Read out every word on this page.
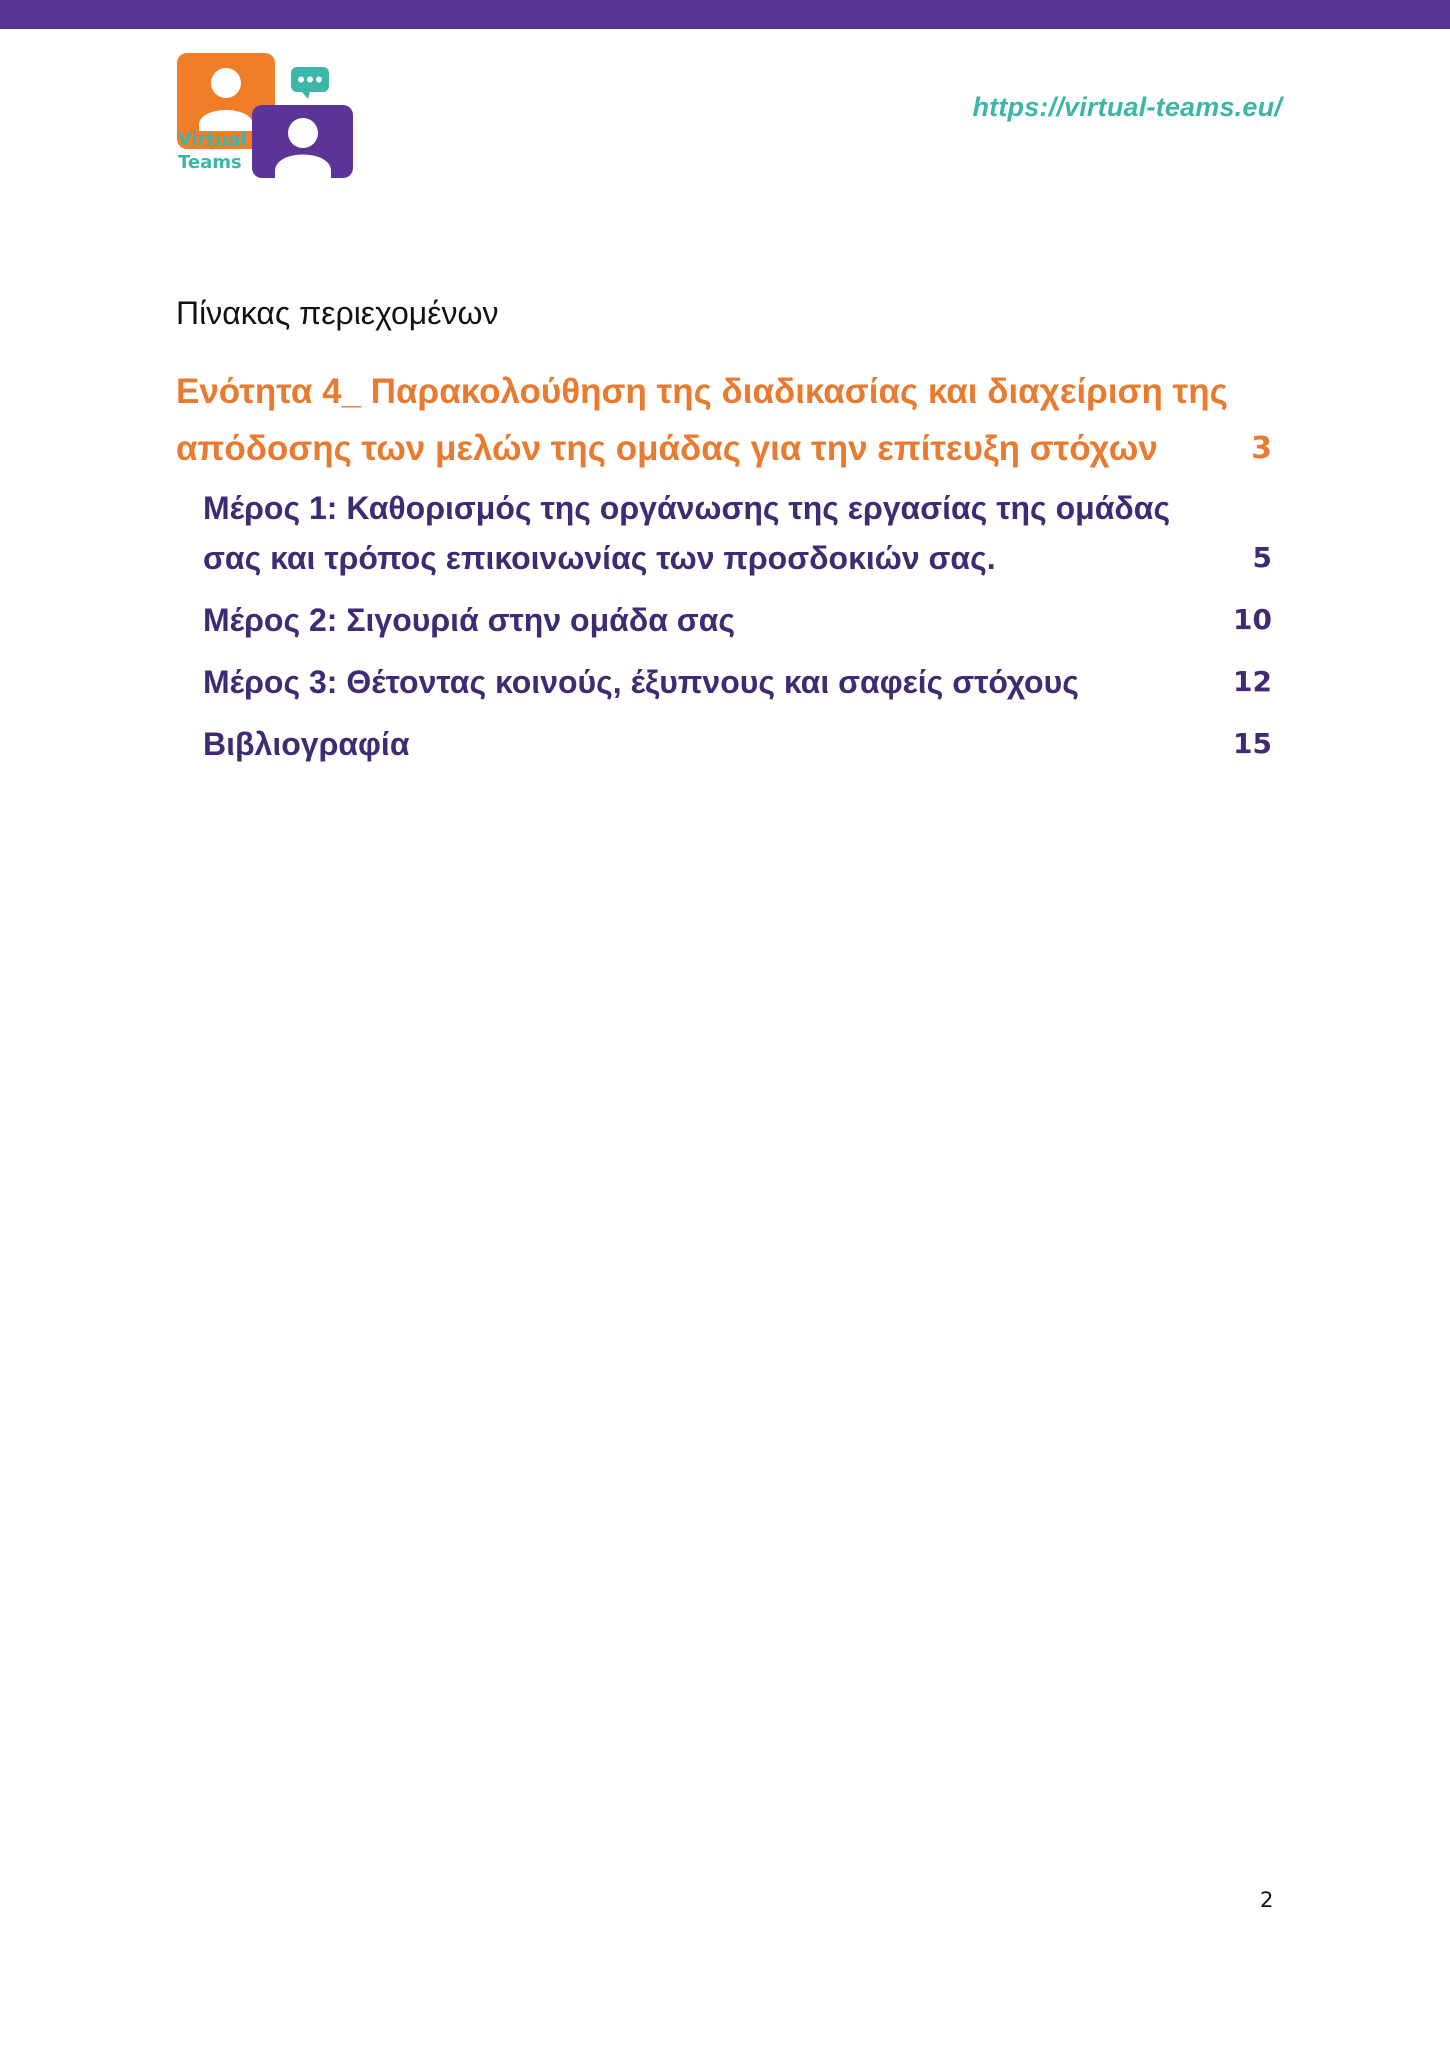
Virtual
Teams
https://virtual-teams.eu/
Πίνακας περιεχομένων
Ενότητα 4_ Παρακολούθηση της διαδικασίας και διαχείριση της απόδοσης των μελών της ομάδας για την επίτευξη στόχων	3
Μέρος 1: Καθορισμός της οργάνωσης της εργασίας της ομάδας σας και τρόπος επικοινωνίας των προσδοκιών σας.	5
Μέρος 2: Σιγουριά στην ομάδα σας	10
Μέρος 3: Θέτοντας κοινούς, έξυπνους και σαφείς στόχους	12
Βιβλιογραφία	15
2
